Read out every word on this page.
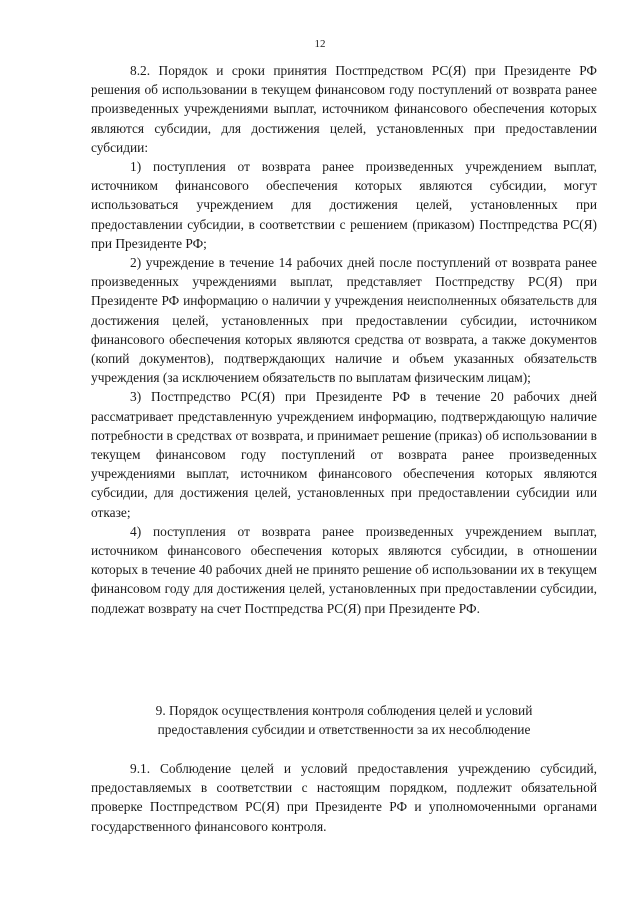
12

8.2. Порядок и сроки принятия Постпредством РС(Я) при Президенте РФ решения об использовании в текущем финансовом году поступлений от возврата ранее произведенных учреждениями выплат, источником финансового обеспечения которых являются субсидии, для достижения целей, установленных при предоставлении субсидии:

1) поступления от возврата ранее произведенных учреждением выплат, источником финансового обеспечения которых являются субсидии, могут использоваться учреждением для достижения целей, установленных при предоставлении субсидии, в соответствии с решением (приказом) Постпредства РС(Я) при Президенте РФ;

2) учреждение в течение 14 рабочих дней после поступлений от возврата ранее произведенных учреждениями выплат, представляет Постпредству РС(Я) при Президенте РФ информацию о наличии у учреждения неисполненных обязательств для достижения целей, установленных при предоставлении субсидии, источником финансового обеспечения которых являются средства от возврата, а также документов (копий документов), подтверждающих наличие и объем указанных обязательств учреждения (за исключением обязательств по выплатам физическим лицам);

3) Постпредство РС(Я) при Президенте РФ в течение 20 рабочих дней рассматривает представленную учреждением информацию, подтверждающую наличие потребности в средствах от возврата, и принимает решение (приказ) об использовании в текущем финансовом году поступлений от возврата ранее произведенных учреждениями выплат, источником финансового обеспечения которых являются субсидии, для достижения целей, установленных при предоставлении субсидии или отказе;

4) поступления от возврата ранее произведенных учреждением выплат, источником финансового обеспечения которых являются субсидии, в отношении которых в течение 40 рабочих дней не принято решение об использовании их в текущем финансовом году для достижения целей, установленных при предоставлении субсидии, подлежат возврату на счет Постпредства РС(Я) при Президенте РФ.

9. Порядок осуществления контроля соблюдения целей и условий
предоставления субсидии и ответственности за их несоблюдение

9.1. Соблюдение целей и условий предоставления учреждению субсидий, предоставляемых в соответствии с настоящим порядком, подлежит обязательной проверке Постпредством РС(Я) при Президенте РФ и уполномоченными органами государственного финансового контроля.
